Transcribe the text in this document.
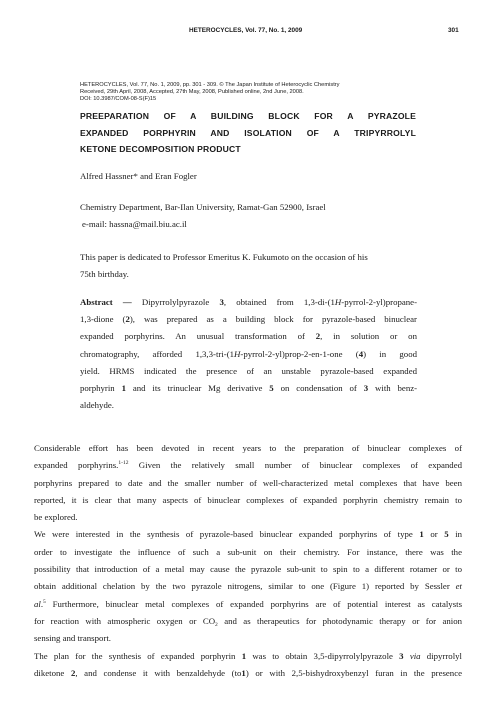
HETEROCYCLES, Vol. 77, No. 1, 2009	301
HETEROCYCLES, Vol. 77, No. 1, 2009, pp. 301 - 309. © The Japan Institute of Heterocyclic Chemistry
Received, 29th April, 2008, Accepted, 27th May, 2008, Published online, 2nd June, 2008.
DOI: 10.3987/COM-08-S(F)15
PREEPARATION OF A BUILDING BLOCK FOR A PYRAZOLE
EXPANDED PORPHYRIN AND ISOLATION OF A TRIPYRROLYL
KETONE DECOMPOSITION PRODUCT
Alfred Hassner* and Eran Fogler
Chemistry Department, Bar-Ilan University, Ramat-Gan 52900, Israel
e-mail: hassna@mail.biu.ac.il
This paper is dedicated to Professor Emeritus K. Fukumoto on the occasion of his
75th birthday.
Abstract — Dipyrrolylpyrazole 3, obtained from 1,3-di-(1H-pyrrol-2-yl)propane-
1,3-dione (2), was prepared as a building block for pyrazole-based binuclear
expanded porphyrins. An unusual transformation of 2, in solution or on
chromatography, afforded 1,3,3-tri-(1H-pyrrol-2-yl)prop-2-en-1-one (4) in good
yield. HRMS indicated the presence of an unstable pyrazole-based expanded
porphyrin 1 and its trinuclear Mg derivative 5 on condensation of 3 with benz-
aldehyde.
Considerable effort has been devoted in recent years to the preparation of binuclear complexes of
expanded porphyrins.$^{1-12}$ Given the relatively small number of binuclear complexes of expanded
porphyrins prepared to date and the smaller number of well-characterized metal complexes that have been
reported, it is clear that many aspects of binuclear complexes of expanded porphyrin chemistry remain to
be explored.
We were interested in the synthesis of pyrazole-based binuclear expanded porphyrins of type 1 or 5 in
order to investigate the influence of such a sub-unit on their chemistry. For instance, there was the
possibility that introduction of a metal may cause the pyrazole sub-unit to spin to a different rotamer or to
obtain additional chelation by the two pyrazole nitrogens, similar to one (Figure 1) reported by Sessler et
al.$^5$ Furthermore, binuclear metal complexes of expanded porphyrins are of potential interest as catalysts
for reaction with atmospheric oxygen or $CO_2$ and as therapeutics for photodynamic therapy or for anion
sensing and transport.
The plan for the synthesis of expanded porphyrin 1 was to obtain 3,5-dipyrrolylpyrazole 3 via dipyrrolyl
diketone 2, and condense it with benzaldehyde (to1) or with 2,5-bishydroxybenzyl furan in the presence
